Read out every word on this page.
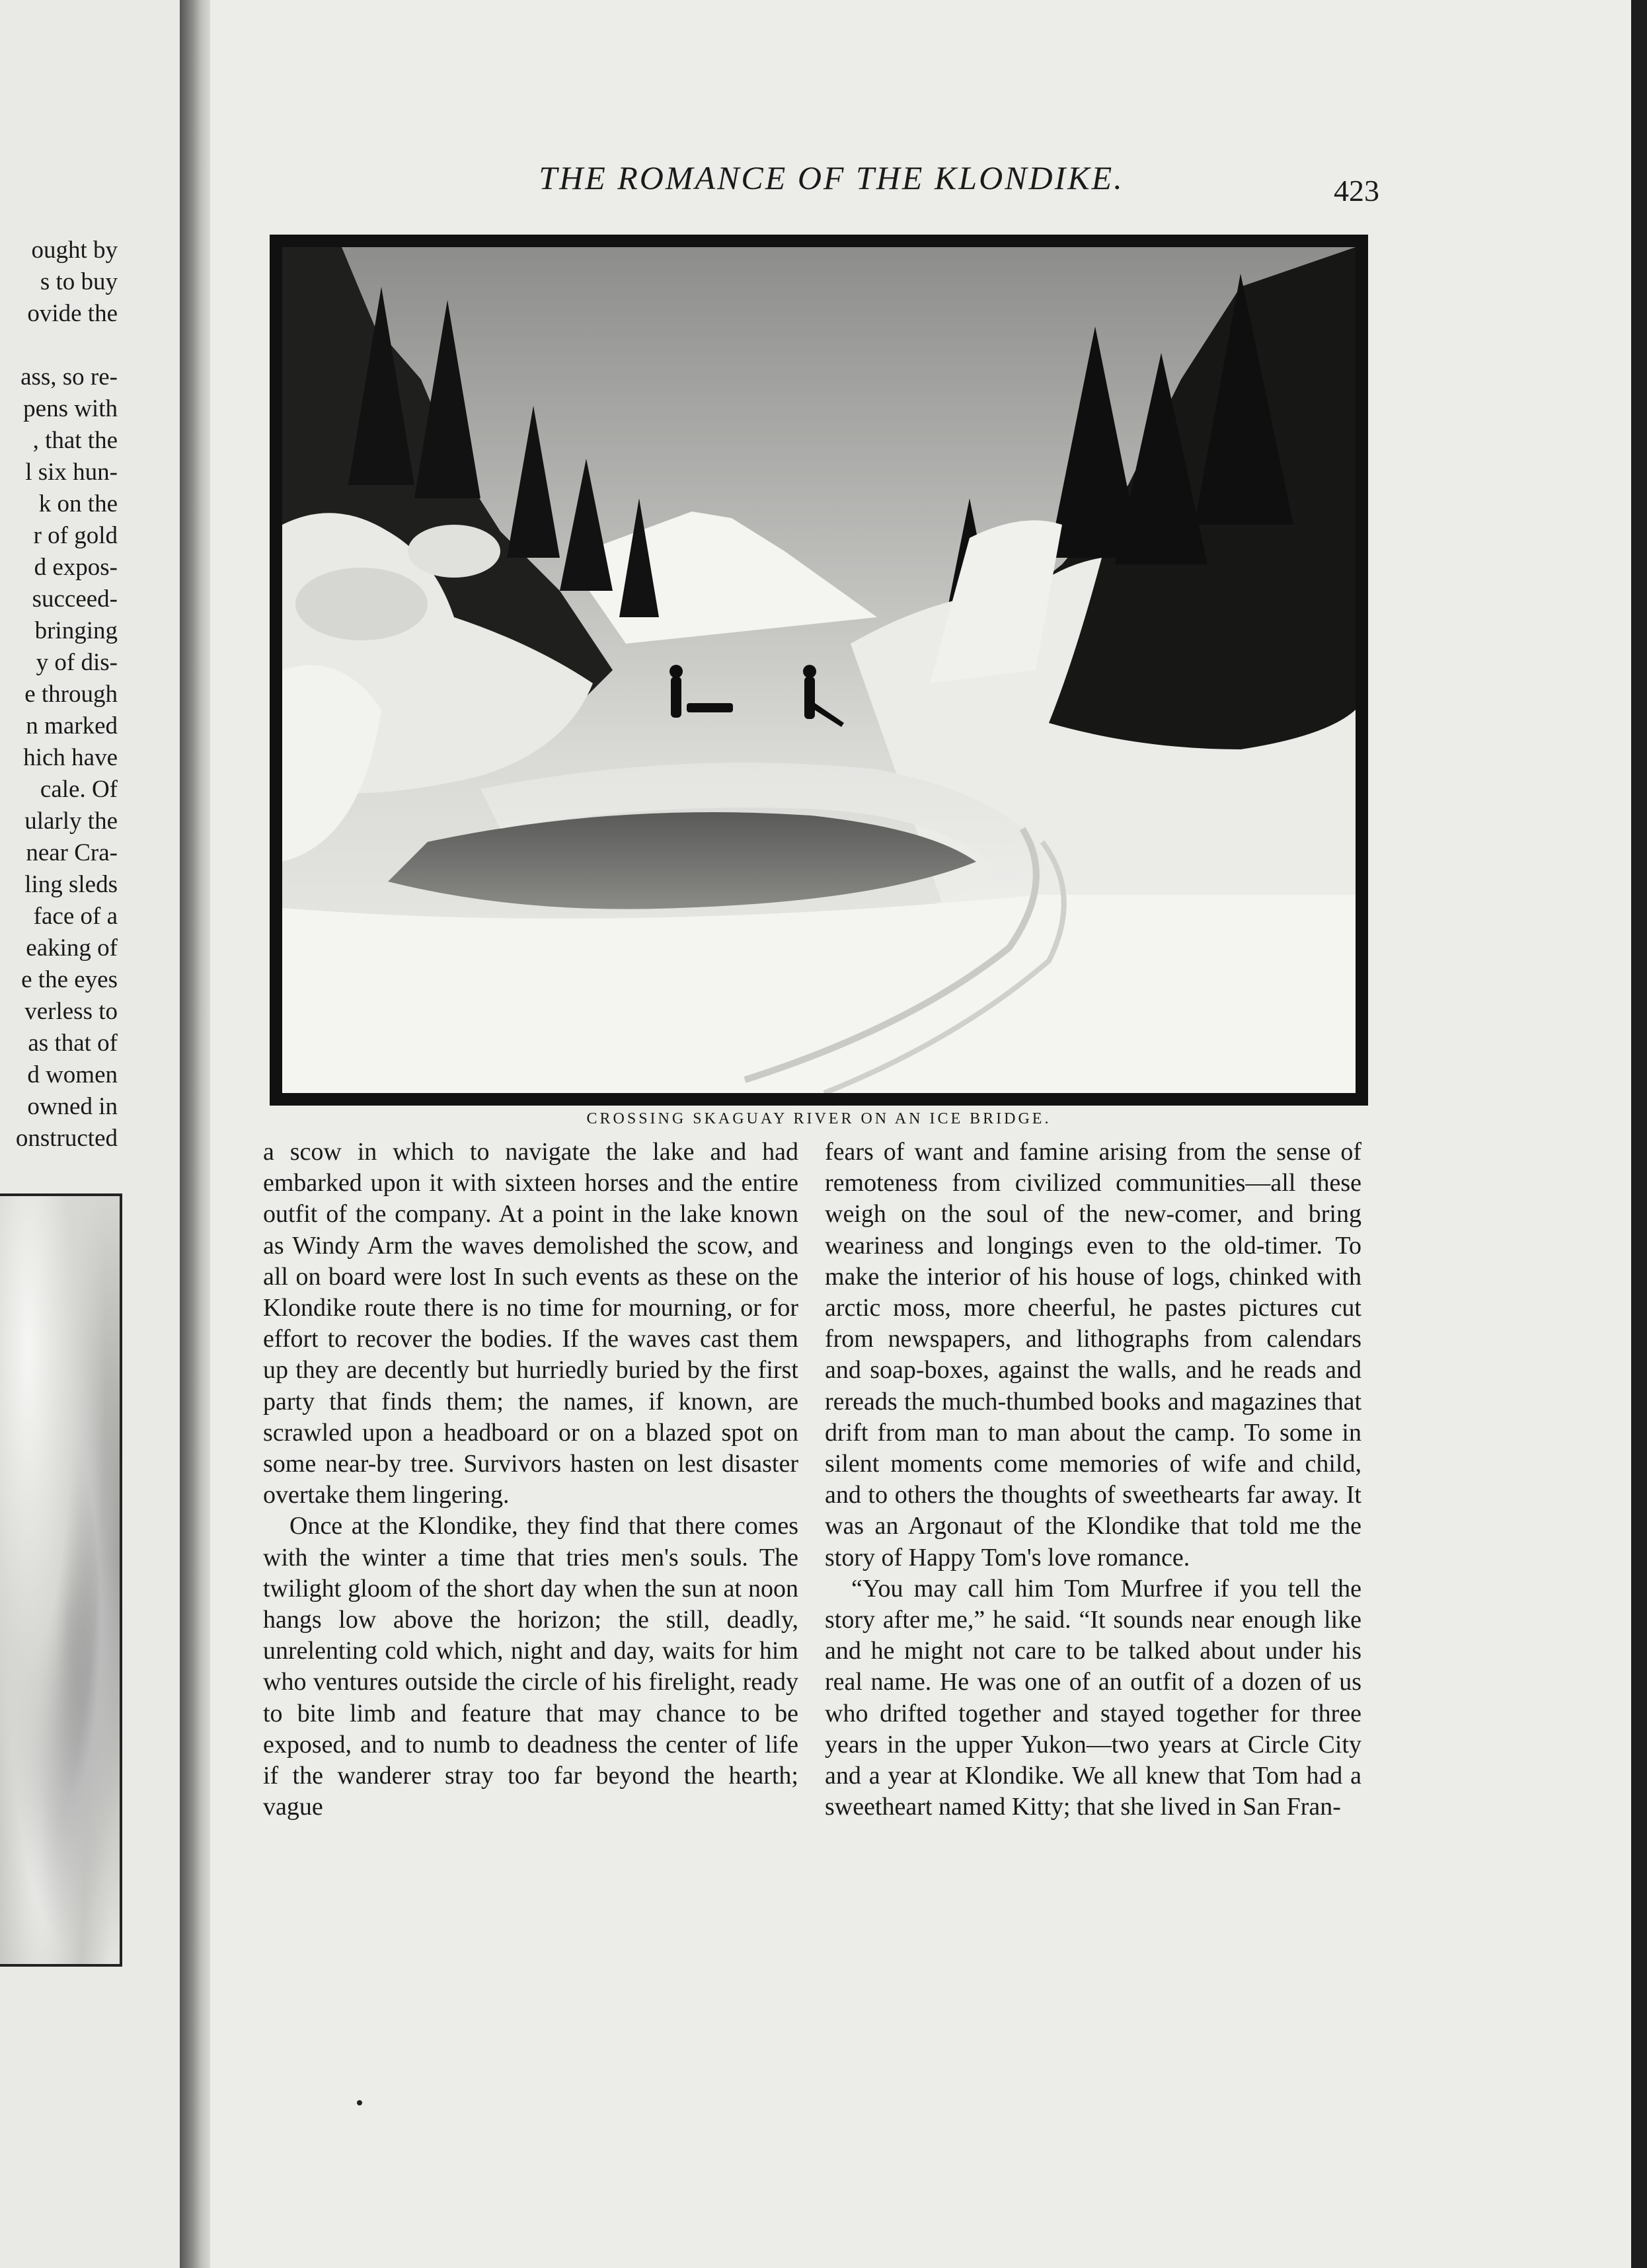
ought by
s to buy
ovide the
ass, so re-
pens with
, that the
l six hun-
k on the
r of gold
d expos-
succeed-
bringing
y of dis-
e through
n marked
hich have
cale. Of
ularly the
near Cra-
ling sleds
face of a
eaking of
e the eyes
verless to
as that of
d women
owned in
onstructed
THE ROMANCE OF THE KLONDIKE.	423
CROSSING SKAGUAY RIVER ON AN ICE BRIDGE.

a scow in which to navigate the lake and had embarked upon it with sixteen horses and the entire outfit of the company. At a point in the lake known as Windy Arm the waves demolished the scow, and all on board were lost In such events as these on the Klondike route there is no time for mourning, or for effort to recover the bodies. If the waves cast them up they are decently but hurriedly buried by the first party that finds them; the names, if known, are scrawled upon a headboard or on a blazed spot on some near-by tree. Survivors hasten on lest disaster overtake them lingering.

Once at the Klondike, they find that there comes with the winter a time that tries men's souls. The twilight gloom of the short day when the sun at noon hangs low above the horizon; the still, deadly, unrelenting cold which, night and day, waits for him who ventures outside the circle of his firelight, ready to bite limb and feature that may chance to be exposed, and to numb to deadness the center of life if the wanderer stray too far beyond the hearth; vague

fears of want and famine arising from the sense of remoteness from civilized communities—all these weigh on the soul of the new-comer, and bring weariness and longings even to the old-timer. To make the interior of his house of logs, chinked with arctic moss, more cheerful, he pastes pictures cut from newspapers, and lithographs from calendars and soap-boxes, against the walls, and he reads and rereads the much-thumbed books and magazines that drift from man to man about the camp. To some in silent moments come memories of wife and child, and to others the thoughts of sweethearts far away. It was an Argonaut of the Klondike that told me the story of Happy Tom's love romance.

“You may call him Tom Murfree if you tell the story after me,” he said. “It sounds near enough like and he might not care to be talked about under his real name. He was one of an outfit of a dozen of us who drifted together and stayed together for three years in the upper Yukon—two years at Circle City and a year at Klondike. We all knew that Tom had a sweetheart named Kitty; that she lived in San Fran-
